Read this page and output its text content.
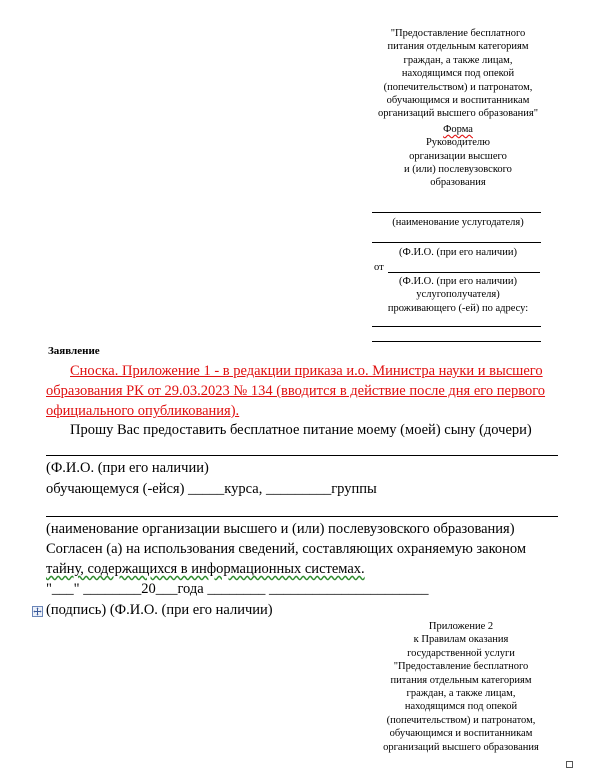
"Предоставление бесплатного
питания отдельным категориям
граждан, а также лицам,
находящимся под опекой
(попечительством) и патронатом,
обучающимся и воспитанникам
организаций высшего образования"
Форма
Руководителю
организации высшего
и (или) послевузовского
образования
(наименование услугодателя)
(Ф.И.О. (при его наличии)
от
(Ф.И.О. (при его наличии)
услугополучателя)
проживающего (-ей) по адресу:
Заявление
Сноска. Приложение 1 - в редакции приказа и.о. Министра науки и высшего
образования РК от 29.03.2023 № 134 (вводится в действие после дня его первого
официального опубликования).
Прошу Вас предоставить бесплатное питание моему (моей) сыну (дочери)
(Ф.И.О. (при его наличии)
обучающемуся (-ейся) _____курса, _________группы
(наименование организации высшего и (или) послевузовского образования)
Согласен (а) на использования сведений, составляющих охраняемую законом
тайну, содержащихся в информационных системах.
"___" ________20___года ________ ______________________
(подпись) (Ф.И.О. (при его наличии)
Приложение 2
к Правилам оказания
государственной услуги
"Предоставление бесплатного
питания отдельным категориям
граждан, а также лицам,
находящимся под опекой
(попечительством) и патронатом,
обучающимся и воспитанникам
организаций высшего образования
